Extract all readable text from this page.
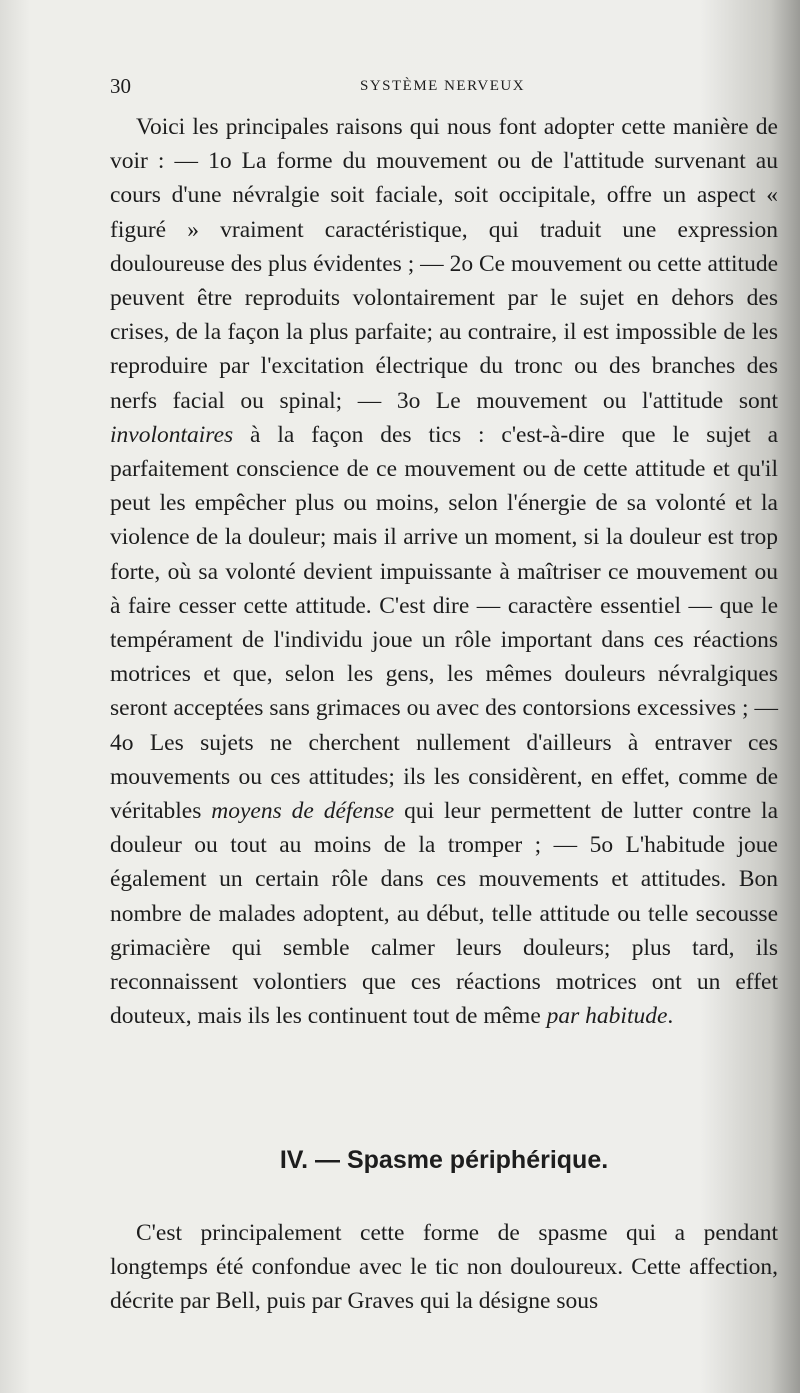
30	SYSTÈME NERVEUX
Voici les principales raisons qui nous font adopter cette manière de voir : — 1o La forme du mouvement ou de l'attitude survenant au cours d'une névralgie soit faciale, soit occipitale, offre un aspect « figuré » vraiment caractéristique, qui traduit une expression douloureuse des plus évidentes ; — 2o Ce mouvement ou cette attitude peuvent être reproduits volontairement par le sujet en dehors des crises, de la façon la plus parfaite; au contraire, il est impossible de les reproduire par l'excitation électrique du tronc ou des branches des nerfs facial ou spinal; — 3o Le mouvement ou l'attitude sont involontaires à la façon des tics : c'est-à-dire que le sujet a parfaitement conscience de ce mouvement ou de cette attitude et qu'il peut les empêcher plus ou moins, selon l'énergie de sa volonté et la violence de la douleur; mais il arrive un moment, si la douleur est trop forte, où sa volonté devient impuissante à maîtriser ce mouvement ou à faire cesser cette attitude. C'est dire — caractère essentiel — que le tempérament de l'individu joue un rôle important dans ces réactions motrices et que, selon les gens, les mêmes douleurs névralgiques seront acceptées sans grimaces ou avec des contorsions excessives ; — 4o Les sujets ne cherchent nullement d'ailleurs à entraver ces mouvements ou ces attitudes; ils les considèrent, en effet, comme de véritables moyens de défense qui leur permettent de lutter contre la douleur ou tout au moins de la tromper ; — 5o L'habitude joue également un certain rôle dans ces mouvements et attitudes. Bon nombre de malades adoptent, au début, telle attitude ou telle secousse grimacière qui semble calmer leurs douleurs; plus tard, ils reconnaissent volontiers que ces réactions motrices ont un effet douteux, mais ils les continuent tout de même par habitude.
IV. — Spasme périphérique.
C'est principalement cette forme de spasme qui a pendant longtemps été confondue avec le tic non douloureux. Cette affection, décrite par Bell, puis par Graves qui la désigne sous
